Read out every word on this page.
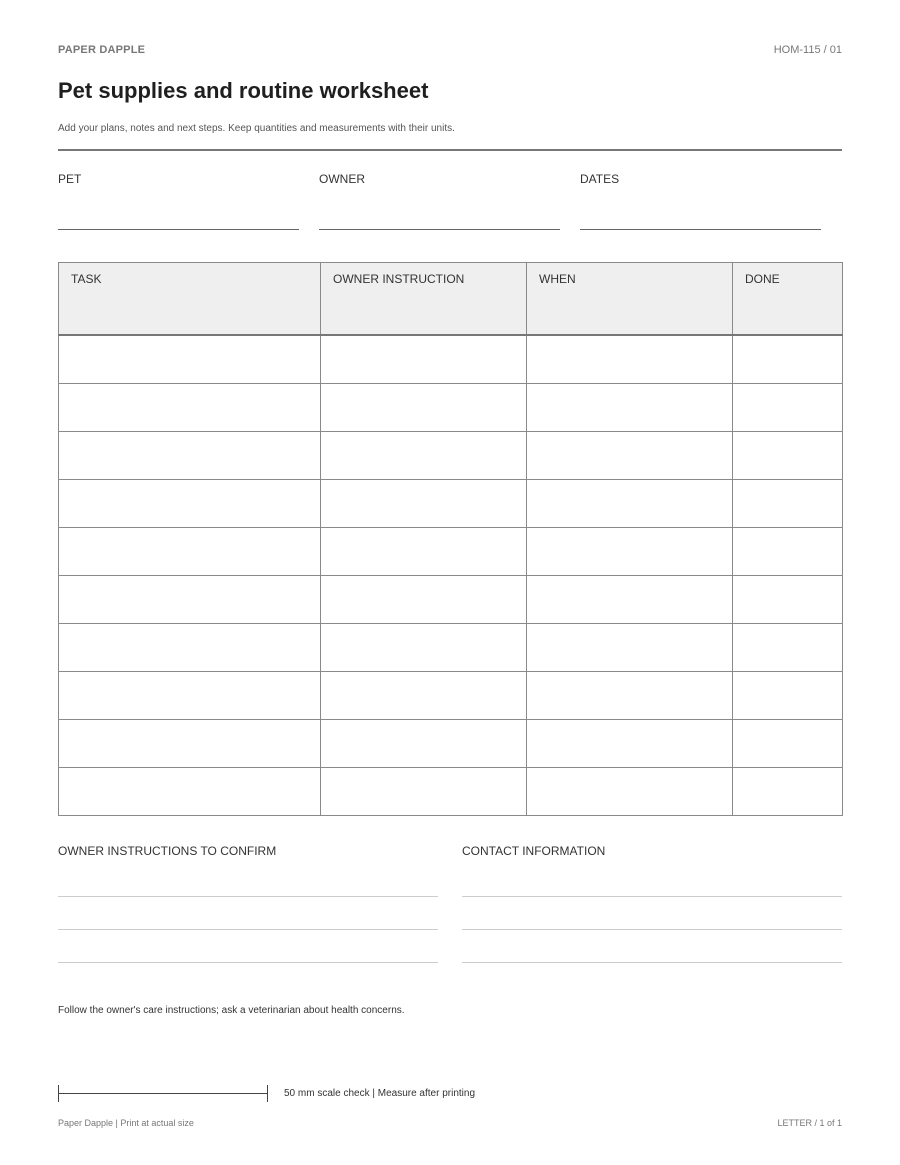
PAPER DAPPLE	HOM-115 / 01
Pet supplies and routine worksheet
Add your plans, notes and next steps. Keep quantities and measurements with their units.
PET	OWNER	DATES
TASK	OWNER INSTRUCTION	WHEN	DONE

OWNER INSTRUCTIONS TO CONFIRM	CONTACT INFORMATION
Follow the owner's care instructions; ask a veterinarian about health concerns.
50 mm scale check | Measure after printing
Paper Dapple | Print at actual size	LETTER / 1 of 1
